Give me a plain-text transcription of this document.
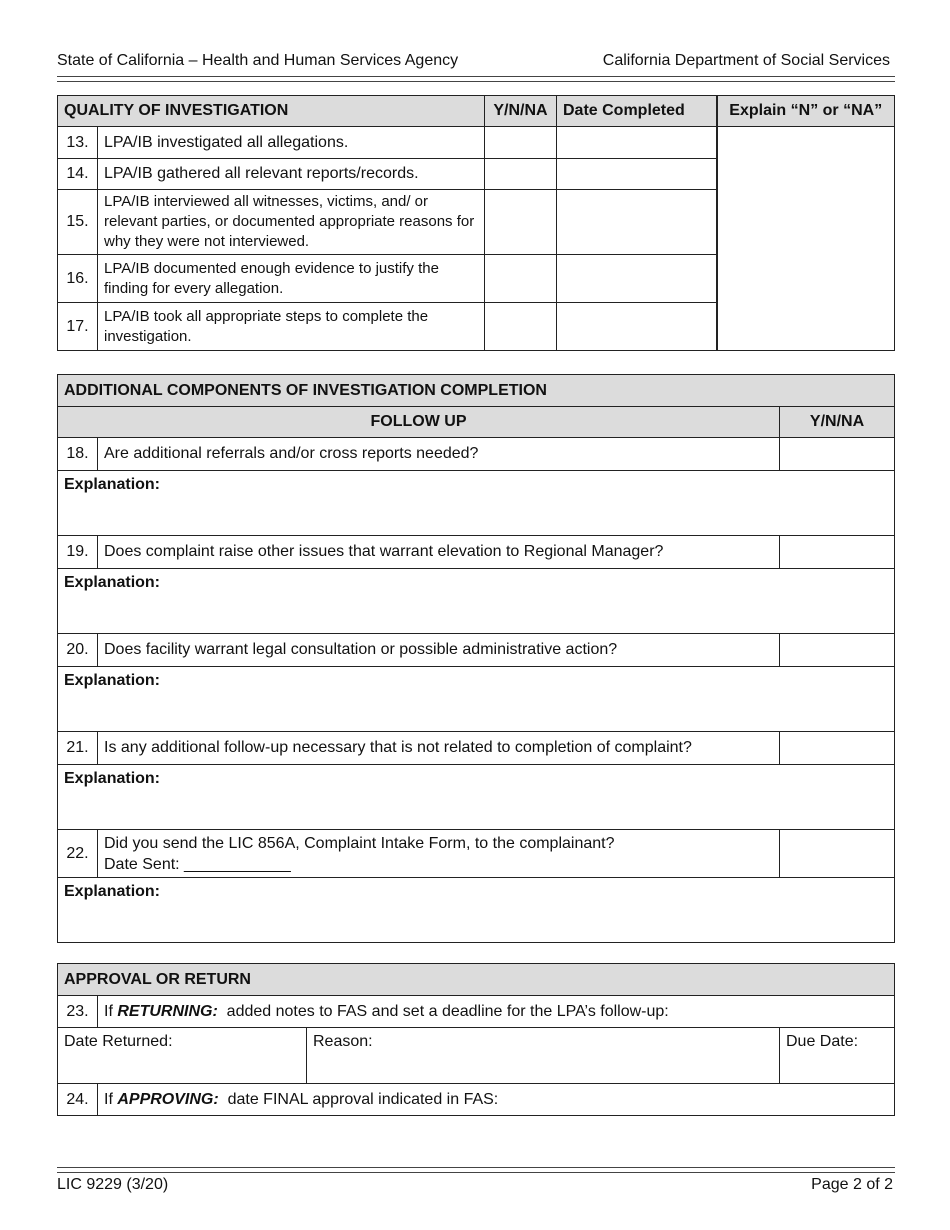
State of California – Health and Human Services Agency	California Department of Social Services
QUALITY OF INVESTIGATION		Y/N/NA	Date Completed	Explain “N” or “NA”
13.	LPA/IB investigated all allegations.			
14.	LPA/IB gathered all relevant reports/records.			
15.	LPA/IB interviewed all witnesses, victims, and/ or relevant parties, or documented appropriate reasons for why they were not interviewed.			
16.	LPA/IB documented enough evidence to justify the finding for every allegation.			
17.	LPA/IB took all appropriate steps to complete the investigation.			
ADDITIONAL COMPONENTS OF INVESTIGATION COMPLETION		
FOLLOW UP		Y/N/NA
18.	Are additional referrals and/or cross reports needed?	
Explanation:		
19.	Does complaint raise other issues that warrant elevation to Regional Manager?	
Explanation:		
20.	Does facility warrant legal consultation or possible administrative action?	
Explanation:		
21.	Is any additional follow-up necessary that is not related to completion of complaint?	
Explanation:		
22.	Did you send the LIC 856A, Complaint Intake Form, to the complainant?
Date Sent: ____________	

Explanation:		
APPROVAL OR RETURN			
23.	If RETURNING:  added notes to FAS and set a deadline for the LPA’s follow-up:		
Date Returned:		Reason:	Due Date:
24.	If APPROVING:  date FINAL approval indicated in FAS:		
LIC 9229 (3/20)	Page 2 of 2
